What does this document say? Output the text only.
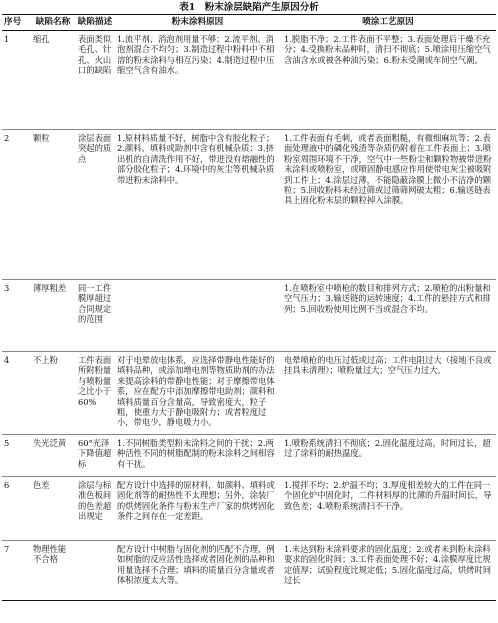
表1　粉末涂层缺陷产生原因分析
序号	缺陷名称	缺陷描述	粉末涂料原因	喷涂工艺原因
1	缩孔	表面类似毛孔、针孔、火山口的缺陷	1.流平剂、消泡剂用量不够；2.流平剂、消泡剂混合不均匀；3.制造过程中粉料中不相溶的粉末涂料与相互污染；4.制造过程中压缩空气含有油水。	1.脱脂不净；2.工件表面不平整；3.表面处理后干燥不充分；4.受换粉末品种时，清扫不彻底；5.喷涂用压缩空气含油含水或被各种油污染；6.粉末受潮或车间空气潮。
2	颗粒	涂层表面突起的质点	1.原材料质量不好，树脂中含有胶化粒子；2.颜料、填料或助剂中含有机械杂质；3.挤出机的自清洗作用不好，带进没有熔融性的部分胶化粒子；4.环境中的灰尘等机械杂质带进粉末涂料中。	1.工件表面有毛刺，或者表面粗糙，有微细麻坑等；2.表面处理液中的磷化残渣等杂质仍附着在工件表面上；3.喷粉室周围环境不干净，空气中一些粉尘和颗粒物被带进粉末涂料或喷粉室，或喷固静电感应作用使带电灰尘被吸附到工件上；4.涂层过薄，不能隐蔽涂膜上微小不洁净的颗粒；5.回收粉料未经过筛或过筛筛网破太粗；6.输送链表具上固化粉末层的颗粒掉入涂膜。
3	薄厚粗差	同一工件膜厚超过合同规定的范围		1.在喷粉室中喷枪的数目和排列方式；2.喷枪的出粉量和空气压力；3.输送链的运转速度；4.工件的悬挂方式和排列；5.回收粉使用比例不当或混合不均。
4	不上粉	工件表面所附粉量与喷粉量之比小于60%	对于电晕放电体系，应选择带静电性能好的填料品种，或添加增电剂等物质助剂的办法来提高涂料的带静电性能；对于摩擦带电体系，应在配方中添加摩擦带电助剂；颜料和填料质量百分含量高，导致密度大，粒子粗，使重力大于静电吸附力；或者粒度过小，带电少，静电吸力小。	电晕喷枪的电压过低或过高；工件电阻过大（接地不良或挂具未清理）；喷粉量过大；空气压力过大。
5	失光泛黄	60°光泽下降值超标	1.不同树脂类型粉末涂料之间的干扰；2.两种活性不同的树脂配制的粉末涂料之间相容有干扰。	1.喷粉系统清扫不彻底；2.固化温度过高，时间过长，超过了涂料的耐热温度。
6	色差	涂层与标准色板间的色差超出规定	配方设计中选择的原材料，如颜料、填料或固化剂等的耐热性不太理想；另外，涂装厂的烘烤固化条件与粉末生产厂家的烘烤固化条件之间存在一定差距。	1.搅拌不均；2.炉温不均；3.厚度相差较大的工件在同一个固化炉中固化时，二件材料厚的比薄的升温时间长，导致色差；4.喷粉系统清扫不干净。
7	物理性能不合格		配方设计中树脂与固化剂的匹配不合理，例如树脂的反应活性选择或者固化剂的品种和用量选择不合理；填料的质量百分含量或者体积浓度太大等。	1.未达到粉末涂料要求的固化温度；2.或者未到粉末涂料要求的固化时间；3.工件表面处理不好；4.涂膜厚度比规定值厚；试验程度比规定低；5.固化温度过高，烘烤时间过长
